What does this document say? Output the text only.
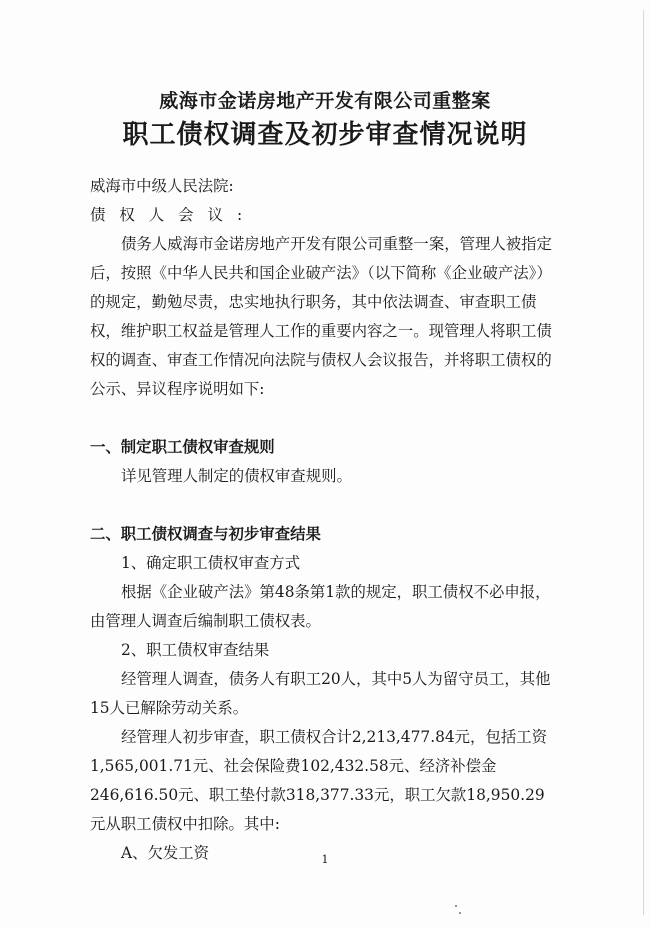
威海市金诺房地产开发有限公司重整案
职工债权调查及初步审查情况说明

威海市中级人民法院:

债权人会议:

债务人威海市金诺房地产开发有限公司重整一案，管理人被指定后，按照《中华人民共和国企业破产法》（以下简称《企业破产法》）的规定，勤勉尽责，忠实地执行职务，其中依法调查、审查职工债权，维护职工权益是管理人工作的重要内容之一。现管理人将职工债权的调查、审查工作情况向法院与债权人会议报告，并将职工债权的公示、异议程序说明如下:

一、制定职工债权审查规则

详见管理人制定的债权审查规则。

二、职工债权调查与初步审查结果

1、确定职工债权审查方式

根据《企业破产法》第48条第1款的规定，职工债权不必申报，由管理人调查后编制职工债权表。

2、职工债权审查结果

经管理人调查，债务人有职工20人，其中5人为留守员工，其他15人已解除劳动关系。

经管理人初步审查，职工债权合计2,213,477.84元，包括工资1,565,001.71元、社会保险费102,432.58元、经济补偿金246,616.50元、职工垫付款318,377.33元，职工欠款18,950.29元从职工债权中扣除。其中:

A、欠发工资	1
